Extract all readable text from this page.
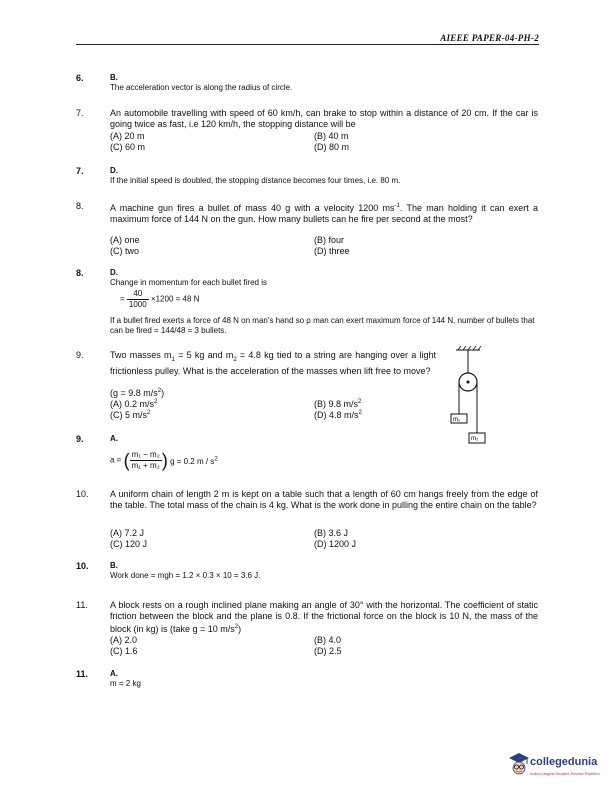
AIEEE PAPER-04-PH-2
6.	B.
The acceleration vector is along the radius of circle.
7.	An automobile travelling with speed of 60 km/h, can brake to stop within a distance of 20 cm. If the car is going twice as fast, i.e 120 km/h, the stopping distance will be
(A) 20 m	(B) 40 m
(C) 60 m	(D) 80 m
7.	D.
If the initial speed is doubled, the stopping distance becomes four times, i.e. 80 m.
8.	A machine gun fires a bullet of mass 40 g with a velocity 1200 $ms^{-1}$. The man holding it can exert a maximum force of 144 N on the gun. How many bullets can he fire per second at the most?
(A) one	(B) four
(C) two	(D) three
8.	D.
Change in momentum for each bullet fired is
= $\frac{40}{1000} \times 1200 = 48$ N
If a bullet fired exerts a force of 48 N on man's hand so ρ man can exert maximum force of 144 N, number of bullets that can be fired = 144/48 = 3 bullets.
9.	Two masses $m_1 = 5$ kg and $m_2 = 4.8$ kg tied to a string are hanging over a light frictionless pulley. What is the acceleration of the masses when lift free to move?
(g = 9.8 $m/s^2$)
(A) 0.2 $m/s^2$	(B) 9.8 $m/s^2$
(C) 5 $m/s^2$	(D) 4.8 $m/s^2$
m₁
m₂
9.	A.
a = ( $\frac{\text{m₁ − m₂}}{\text{m₁ + m₂}}$ ) g = 0.2 m / $s^2$
10. A uniform chain of length 2 m is kept on a table such that a length of 60 cm hangs freely from the edge of the table. The total mass of the chain is 4 kg. What is the work done in pulling the entire chain on the table?
(A) 7.2 J	(B) 3.6 J
(C) 120 J	(D) 1200 J
10.	B.
Work done = mgh = 1.2 × 0.3 × 10 = 3.6 J.
11. A block rests on a rough inclined plane making an angle of 30° with the horizontal. The coefficient of static friction between the block and the plane is 0.8. If the frictional force on the block is 10 N, the mass of the block (in kg) is (take g = 10 $m/s^2$)
(A) 2.0	(B) 4.0
(C) 1.6	(D) 2.5
11.	A.
m = 2 kg
collegedunia
India's largest Student Review Platform
